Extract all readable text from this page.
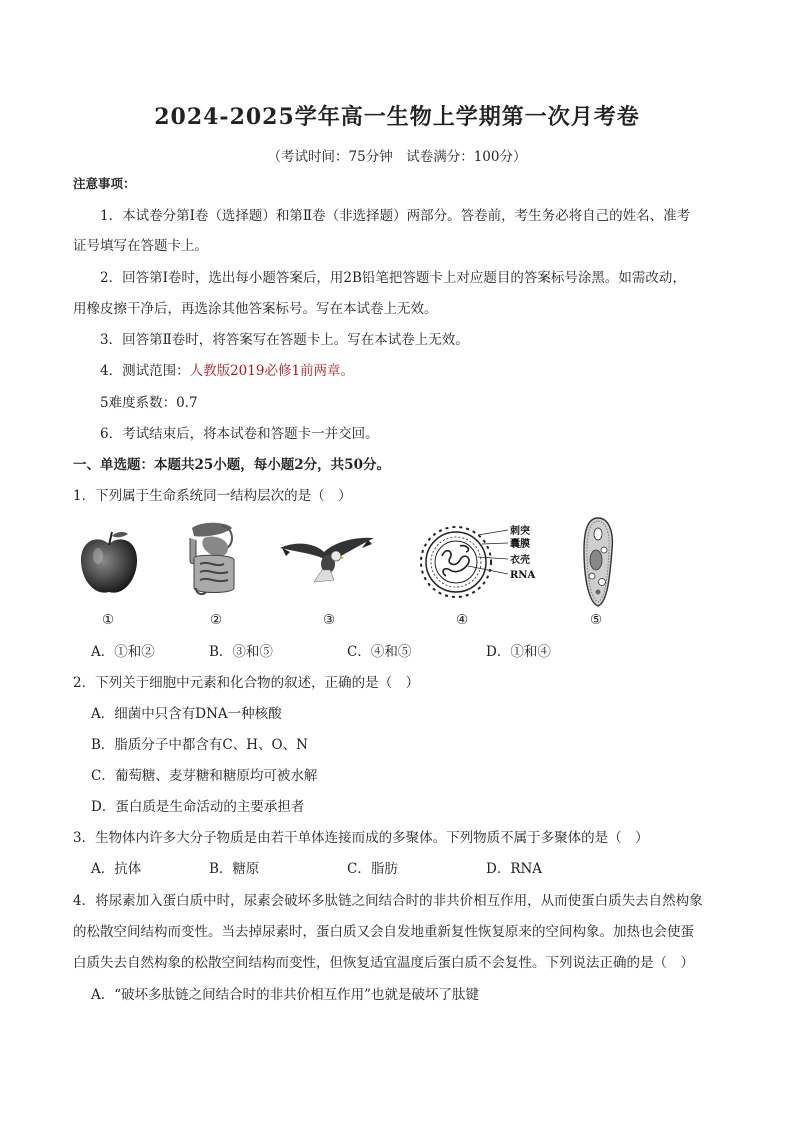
2024-2025学年高一生物上学期第一次月考卷
（考试时间：75分钟　试卷满分：100分）
注意事项：
1．本试卷分第Ⅰ卷（选择题）和第Ⅱ卷（非选择题）两部分。答卷前，考生务必将自己的姓名、准考
证号填写在答题卡上。
2．回答第Ⅰ卷时，选出每小题答案后，用2B铅笔把答题卡上对应题目的答案标号涂黑。如需改动，
用橡皮擦干净后，再选涂其他答案标号。写在本试卷上无效。
3．回答第Ⅱ卷时，将答案写在答题卡上。写在本试卷上无效。
4．测试范围：人教版2019必修1前两章。
5难度系数：0.7
6．考试结束后，将本试卷和答题卡一并交回。
一、单选题：本题共25小题，每小题2分，共50分。
1．下列属于生命系统同一结构层次的是（　）
刺突
囊膜
衣壳
RNA
①	②	③	④	⑤
A．①和②	B．③和⑤	C．④和⑤	D．①和④
2．下列关于细胞中元素和化合物的叙述，正确的是（　）
A．细菌中只含有DNA一种核酸
B．脂质分子中都含有C、H、O、N
C．葡萄糖、麦芽糖和糖原均可被水解
D．蛋白质是生命活动的主要承担者
3．生物体内许多大分子物质是由若干单体连接而成的多聚体。下列物质不属于多聚体的是（　）
A．抗体	B．糖原	C．脂肪	D．RNA
4．将尿素加入蛋白质中时，尿素会破坏多肽链之间结合时的非共价相互作用，从而使蛋白质失去自然构象
的松散空间结构而变性。当去掉尿素时，蛋白质又会自发地重新复性恢复原来的空间构象。加热也会使蛋
白质失去自然构象的松散空间结构而变性，但恢复适宜温度后蛋白质不会复性。下列说法正确的是（　）
A．“破坏多肽链之间结合时的非共价相互作用”也就是破坏了肽键
